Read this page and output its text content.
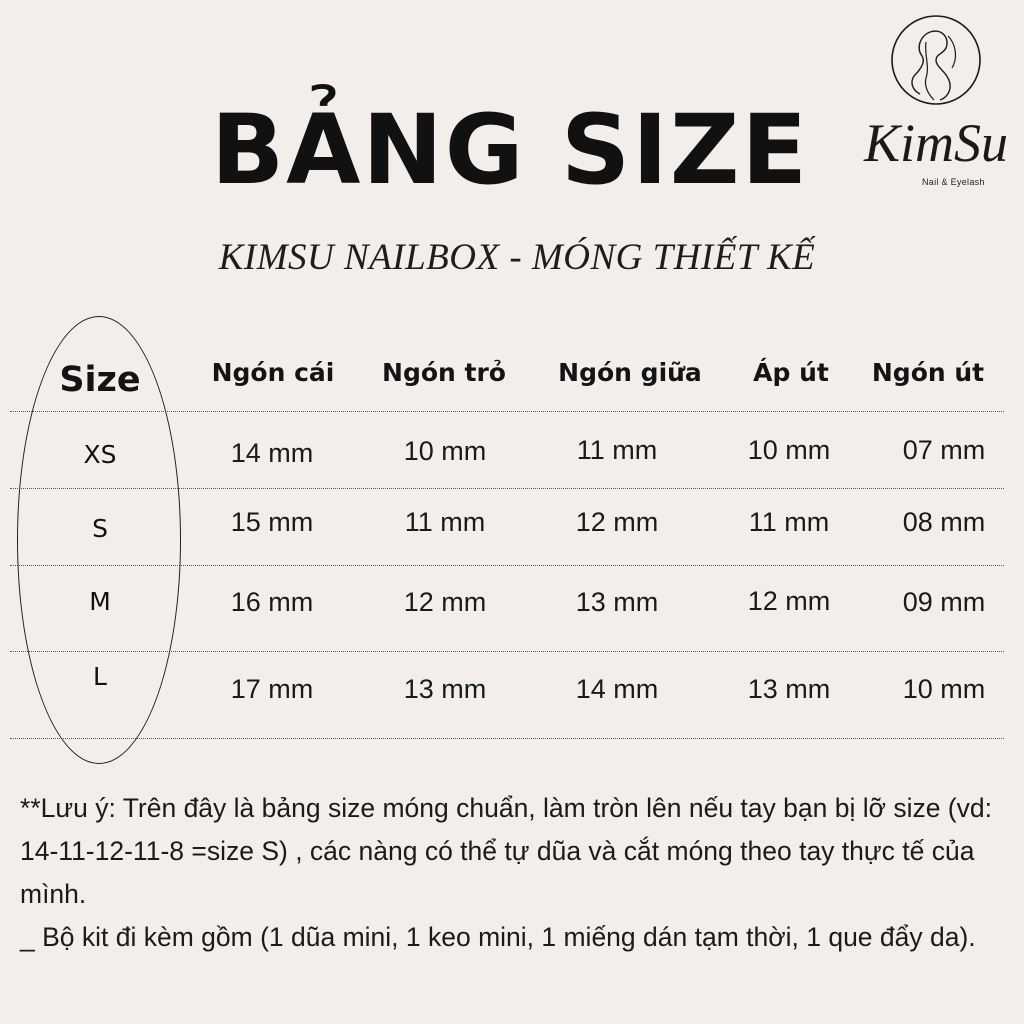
KimSu
Nail & Eyelash
BẢNG SIZE
KIMSU NAILBOX - MÓNG THIẾT KẾ
Size	Ngón cái	Ngón trỏ	Ngón giữa	Áp út	Ngón út
XS	14 mm	10 mm	11 mm	10 mm	07 mm
S	15 mm	11 mm	12 mm	11 mm	08 mm
M	16 mm	12 mm	13 mm	12 mm	09 mm
L	17 mm	13 mm	14 mm	13 mm	10 mm

**Lưu ý: Trên đây là bảng size móng chuẩn, làm tròn lên nếu tay bạn bị lỡ size (vd: 14-11-12-11-8 =size S) , các nàng có thể tự dũa và cắt móng theo tay thực tế của mình.

_ Bộ kit đi kèm gồm (1 dũa mini, 1 keo mini, 1 miếng dán tạm thời, 1 que đẩy da).
